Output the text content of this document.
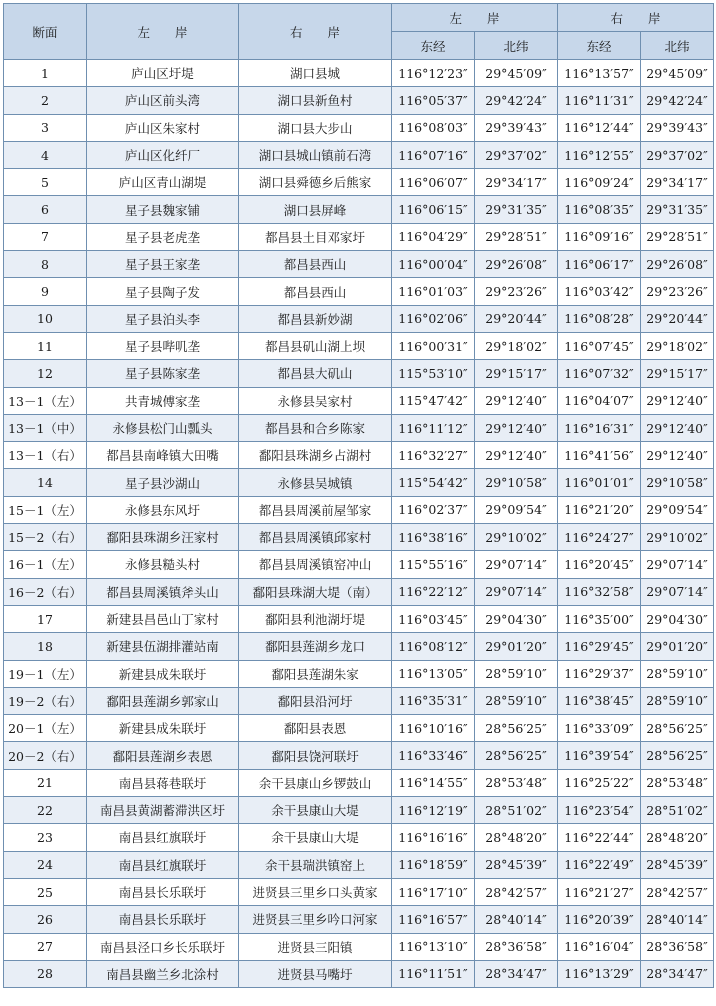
断面	左　　岸	右　　岸	左　　岸		右　　岸	
			东经	北纬	东经	北纬
1	庐山区圩堤	湖口县城	116°12′23″	29°45′09″	116°13′57″	29°45′09″
2	庐山区前头湾	湖口县新鱼村	116°05′37″	29°42′24″	116°11′31″	29°42′24″
3	庐山区朱家村	湖口县大步山	116°08′03″	29°39′43″	116°12′44″	29°39′43″
4	庐山区化纤厂	湖口县城山镇前石湾	116°07′16″	29°37′02″	116°12′55″	29°37′02″
5	庐山区青山湖堤	湖口县舜德乡后熊家	116°06′07″	29°34′17″	116°09′24″	29°34′17″
6	星子县魏家铺	湖口县屏峰	116°06′15″	29°31′35″	116°08′35″	29°31′35″
7	星子县老虎垄	都昌县土目邓家圩	116°04′29″	29°28′51″	116°09′16″	29°28′51″
8	星子县王家垄	都昌县西山	116°00′04″	29°26′08″	116°06′17″	29°26′08″
9	星子县陶子发	都昌县西山	116°01′03″	29°23′26″	116°03′42″	29°23′26″
10	星子县泊头李	都昌县新妙湖	116°02′06″	29°20′44″	116°08′28″	29°20′44″
11	星子县哔叽垄	都昌县矶山湖上坝	116°00′31″	29°18′02″	116°07′45″	29°18′02″
12	星子县陈家垄	都昌县大矶山	115°53′10″	29°15′17″	116°07′32″	29°15′17″
13－1（左）	共青城傅家垄	永修县吴家村	115°47′42″	29°12′40″	116°04′07″	29°12′40″
13－1（中）	永修县松门山瓢头	都昌县和合乡陈家	116°11′12″	29°12′40″	116°16′31″	29°12′40″
13－1（右）	都昌县南峰镇大田嘴	鄱阳县珠湖乡占湖村	116°32′27″	29°12′40″	116°41′56″	29°12′40″
14	星子县沙湖山	永修县吴城镇	115°54′42″	29°10′58″	116°01′01″	29°10′58″
15－1（左）	永修县东风圩	都昌县周溪前屋邹家	116°02′37″	29°09′54″	116°21′20″	29°09′54″
15－2（右）	鄱阳县珠湖乡汪家村	都昌县周溪镇邱家村	116°38′16″	29°10′02″	116°24′27″	29°10′02″
16－1（左）	永修县糙头村	都昌县周溪镇窑冲山	115°55′16″	29°07′14″	116°20′45″	29°07′14″
16－2（右）	都昌县周溪镇斧头山	鄱阳县珠湖大堤（南）	116°22′12″	29°07′14″	116°32′58″	29°07′14″
17	新建县昌邑山丁家村	鄱阳县利池湖圩堤	116°03′45″	29°04′30″	116°35′00″	29°04′30″
18	新建县伍湖排灌站南	鄱阳县莲湖乡龙口	116°08′12″	29°01′20″	116°29′45″	29°01′20″
19－1（左）	新建县成朱联圩	鄱阳县莲湖朱家	116°13′05″	28°59′10″	116°29′37″	28°59′10″
19－2（右）	鄱阳县莲湖乡郭家山	鄱阳县沿河圩	116°35′31″	28°59′10″	116°38′45″	28°59′10″
20－1（左）	新建县成朱联圩	鄱阳县表恩	116°10′16″	28°56′25″	116°33′09″	28°56′25″
20－2（右）	鄱阳县莲湖乡表恩	鄱阳县饶河联圩	116°33′46″	28°56′25″	116°39′54″	28°56′25″
21	南昌县蒋巷联圩	余干县康山乡锣鼓山	116°14′55″	28°53′48″	116°25′22″	28°53′48″
22	南昌县黄湖蓄滞洪区圩	余干县康山大堤	116°12′19″	28°51′02″	116°23′54″	28°51′02″
23	南昌县红旗联圩	余干县康山大堤	116°16′16″	28°48′20″	116°22′44″	28°48′20″
24	南昌县红旗联圩	余干县瑞洪镇窑上	116°18′59″	28°45′39″	116°22′49″	28°45′39″
25	南昌县长乐联圩	进贤县三里乡口头黄家	116°17′10″	28°42′57″	116°21′27″	28°42′57″
26	南昌县长乐联圩	进贤县三里乡吟口河家	116°16′57″	28°40′14″	116°20′39″	28°40′14″
27	南昌县泾口乡长乐联圩	进贤县三阳镇	116°13′10″	28°36′58″	116°16′04″	28°36′58″
28	南昌县幽兰乡北涂村	进贤县马嘴圩	116°11′51″	28°34′47″	116°13′29″	28°34′47″
